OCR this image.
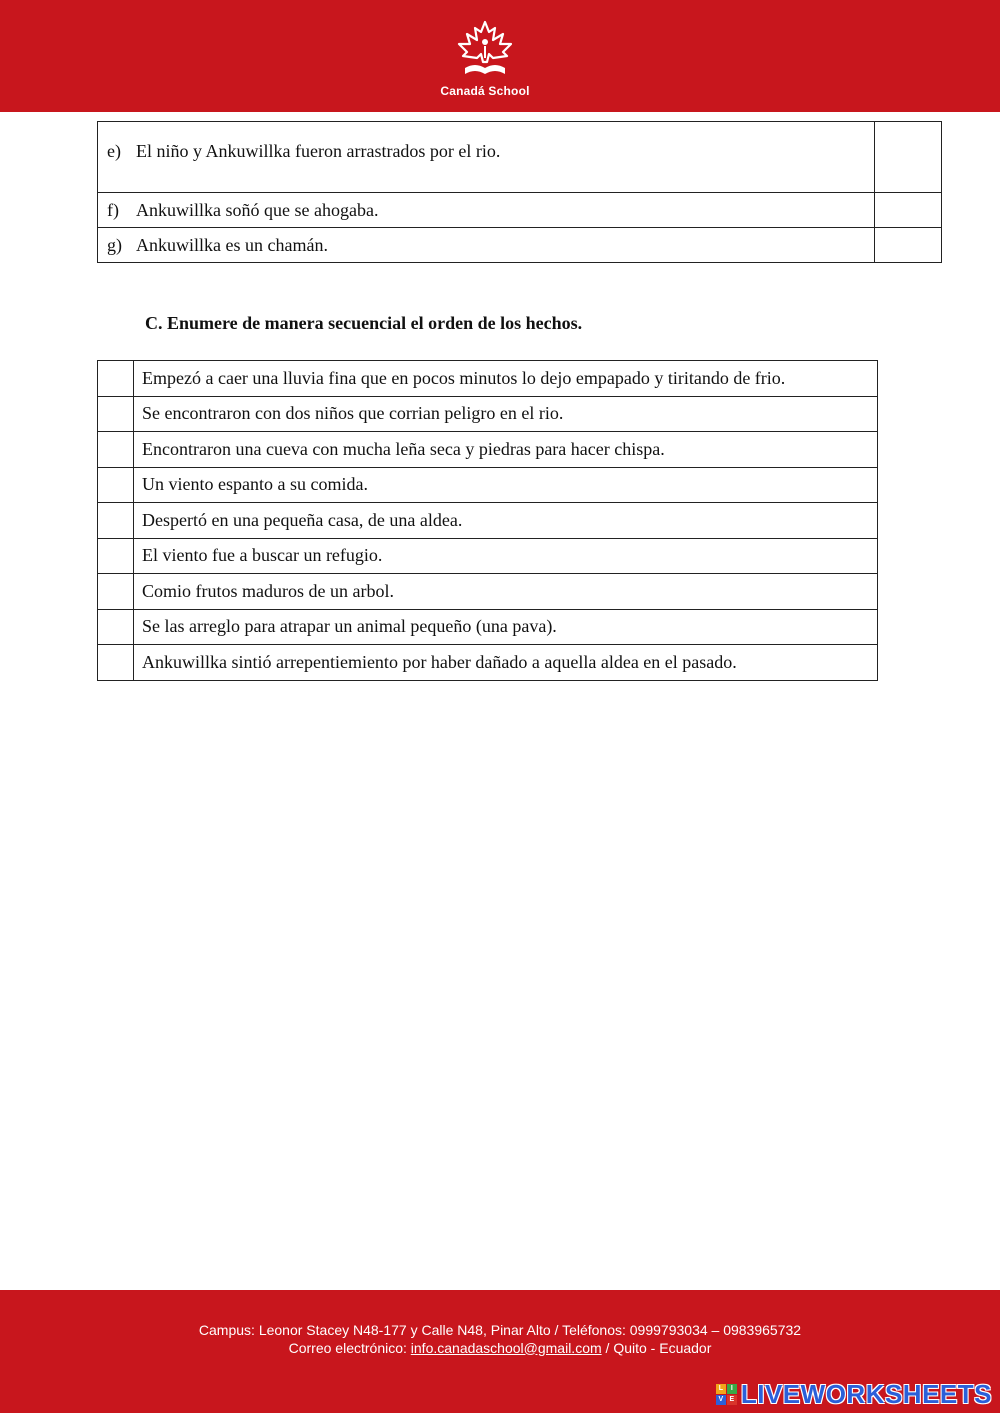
Canadá School
e) El niño y Ankuwillka fueron arrastrados por el rio.	
f) Ankuwillka soñó que se ahogaba.	
g) Ankuwillka es un chamán.	
C. Enumere de manera secuencial el orden de los hechos.
	Empezó a caer una lluvia fina que en pocos minutos lo dejo empapado y tiritando de frio.
	Se encontraron con dos niños que corrian peligro en el rio.
	Encontraron una cueva con mucha leña seca y piedras para hacer chispa.
	Un viento espanto a su comida.
	Despertó en una pequeña casa, de una aldea.
	El viento fue a buscar un refugio.
	Comio frutos maduros de un arbol.
	Se las arreglo para atrapar un animal pequeño (una pava).
	Ankuwillka sintió arrepentiemiento por haber dañado a aquella aldea en el pasado.
Campus: Leonor Stacey N48-177 y Calle N48, Pinar Alto / Teléfonos: 0999793034 – 0983965732
Correo electrónico: info.canadaschool@gmail.com / Quito - Ecuador
L	I
V E LIVEWORKSHEETS
